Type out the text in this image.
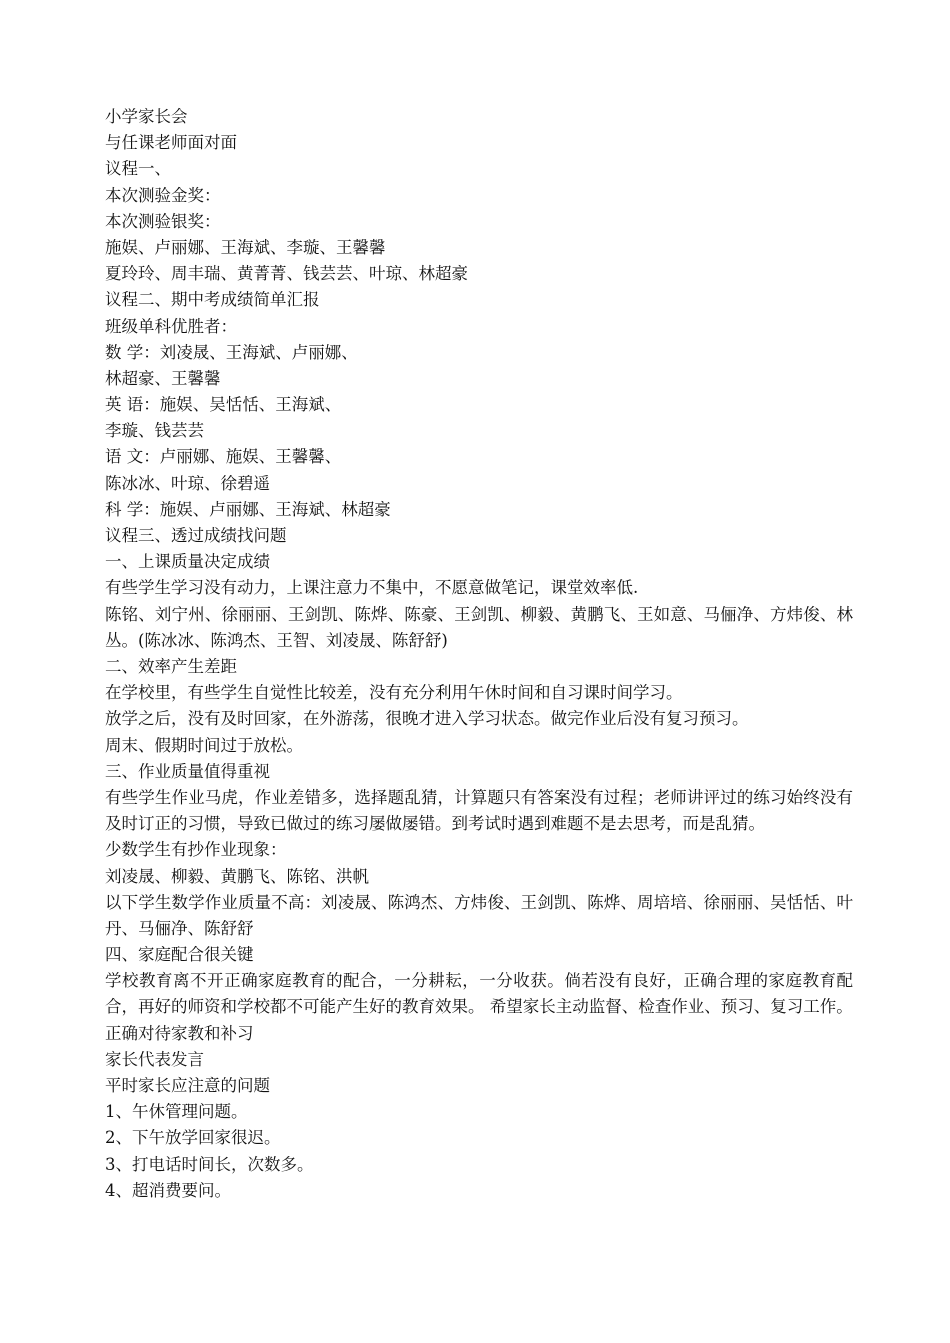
小学家长会
与任课老师面对面
议程一、
本次测验金奖：
本次测验银奖：
施娱、卢丽娜、王海斌、李璇、王馨馨
夏玲玲、周丰瑞、黄菁菁、钱芸芸、叶琼、林超豪
议程二、期中考成绩简单汇报
班级单科优胜者：
数 学：刘凌晟、王海斌、卢丽娜、
林超豪、王馨馨
英 语：施娱、吴恬恬、王海斌、
李璇、钱芸芸
语 文：卢丽娜、施娱、王馨馨、
陈冰冰、叶琼、徐碧遥
科 学：施娱、卢丽娜、王海斌、林超豪
议程三、透过成绩找问题
一、上课质量决定成绩
有些学生学习没有动力，上课注意力不集中，不愿意做笔记，课堂效率低.
陈铭、刘宁州、徐丽丽、王剑凯、陈烨、陈豪、王剑凯、柳毅、黄鹏飞、王如意、马俪净、方炜俊、林丛。(陈冰冰、陈鸿杰、王智、刘凌晟、陈舒舒)
二、效率产生差距
在学校里，有些学生自觉性比较差，没有充分利用午休时间和自习课时间学习。
放学之后，没有及时回家，在外游荡，很晚才进入学习状态。做完作业后没有复习预习。
周末、假期时间过于放松。
三、作业质量值得重视
有些学生作业马虎，作业差错多，选择题乱猜，计算题只有答案没有过程；老师讲评过的练习始终没有及时订正的习惯，导致已做过的练习屡做屡错。到考试时遇到难题不是去思考，而是乱猜。
少数学生有抄作业现象：
刘凌晟、柳毅、黄鹏飞、陈铭、洪帆
以下学生数学作业质量不高：刘凌晟、陈鸿杰、方炜俊、王剑凯、陈烨、周培培、徐丽丽、吴恬恬、叶丹、马俪净、陈舒舒
四、家庭配合很关键
学校教育离不开正确家庭教育的配合，一分耕耘，一分收获。倘若没有良好，正确合理的家庭教育配合，再好的师资和学校都不可能产生好的教育效果。 希望家长主动监督、检查作业、预习、复习工作。
正确对待家教和补习
家长代表发言
平时家长应注意的问题
1、午休管理问题。
2、下午放学回家很迟。
3、打电话时间长，次数多。
4、超消费要问。
